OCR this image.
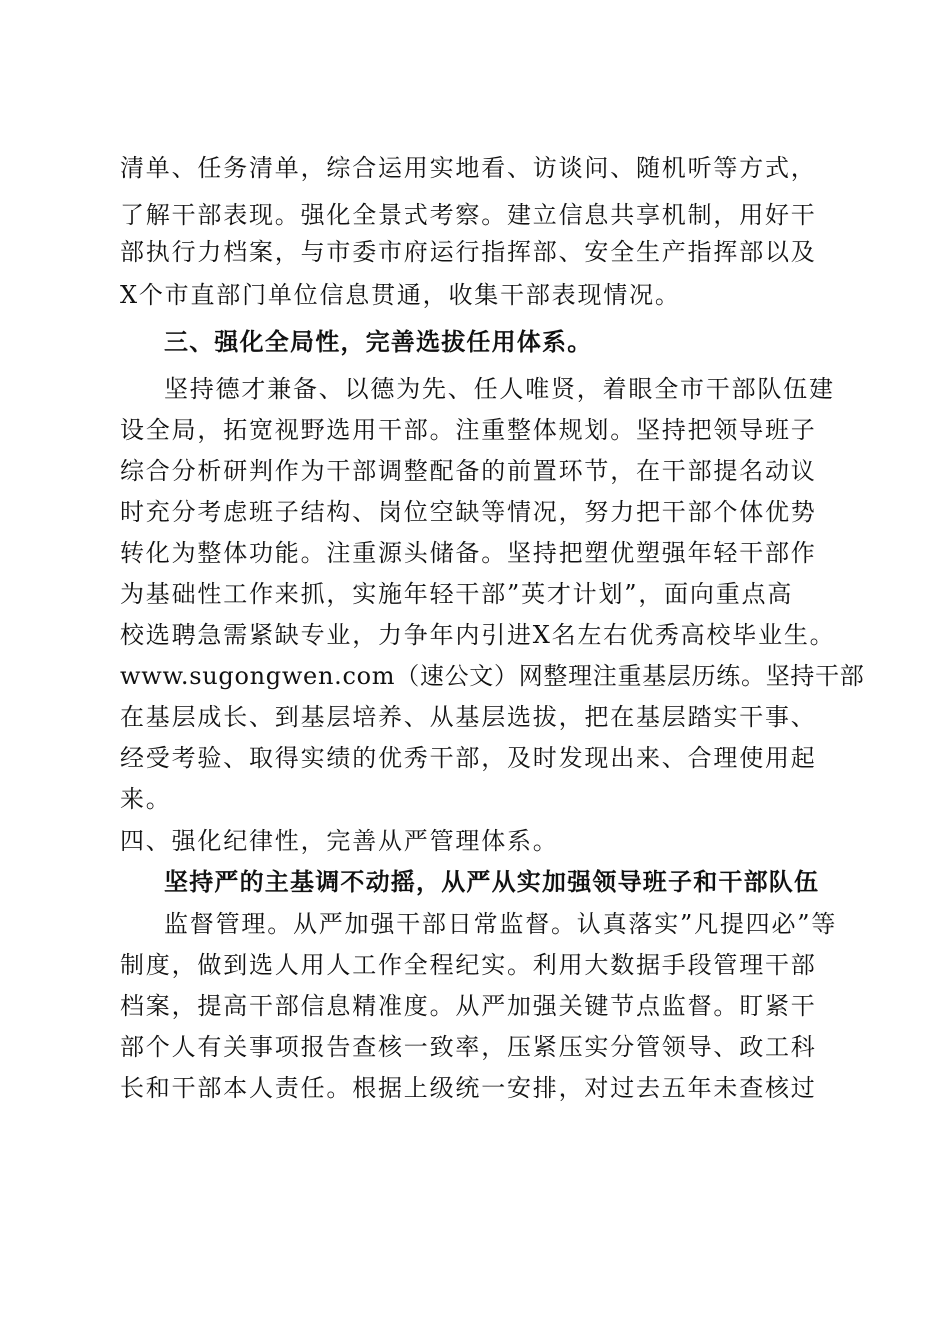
清单、任务清单，综合运用实地看、访谈问、随机听等方式，
了解干部表现。强化全景式考察。建立信息共享机制，用好干
部执行力档案，与市委市府运行指挥部、安全生产指挥部以及
X个市直部门单位信息贯通，收集干部表现情况。
三、强化全局性，完善选拔任用体系。
坚持德才兼备、以德为先、任人唯贤，着眼全市干部队伍建
设全局，拓宽视野选用干部。注重整体规划。坚持把领导班子
综合分析研判作为干部调整配备的前置环节，在干部提名动议
时充分考虑班子结构、岗位空缺等情况，努力把干部个体优势
转化为整体功能。注重源头储备。坚持把塑优塑强年轻干部作
为基础性工作来抓，实施年轻干部”英才计划”，面向重点高
校选聘急需紧缺专业，力争年内引进X名左右优秀高校毕业生。
www.sugongwen.com（速公文）网整理注重基层历练。坚持干部
在基层成长、到基层培养、从基层选拔，把在基层踏实干事、
经受考验、取得实绩的优秀干部，及时发现出来、合理使用起
来。
四、强化纪律性，完善从严管理体系。
坚持严的主基调不动摇，从严从实加强领导班子和干部队伍
监督管理。从严加强干部日常监督。认真落实”凡提四必”等
制度，做到选人用人工作全程纪实。利用大数据手段管理干部
档案，提高干部信息精准度。从严加强关键节点监督。盯紧干
部个人有关事项报告查核一致率，压紧压实分管领导、政工科
长和干部本人责任。根据上级统一安排，对过去五年未查核过
